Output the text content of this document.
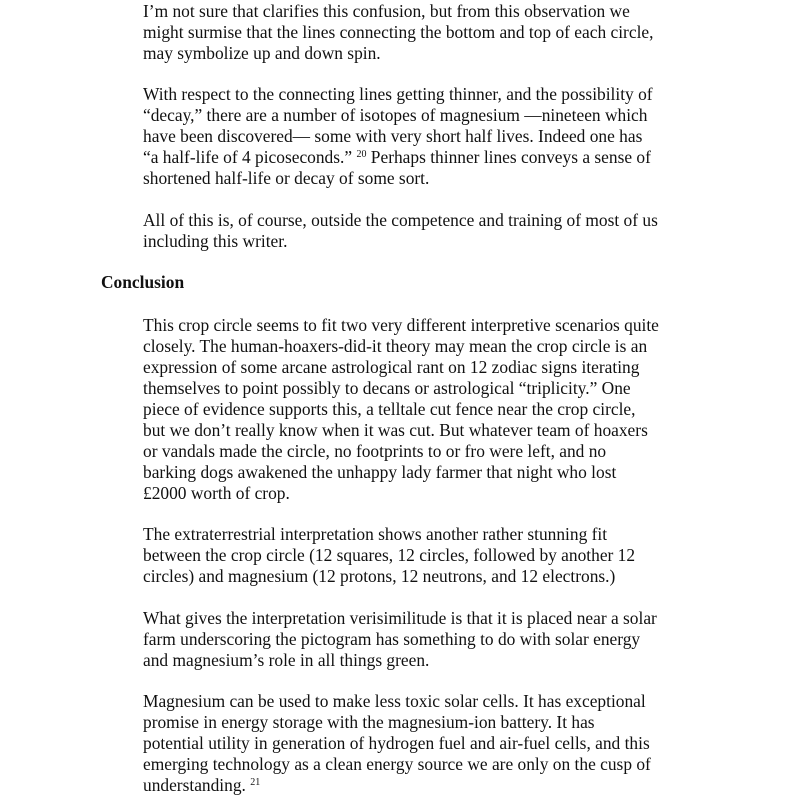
I’m not sure that clarifies this confusion, but from this observation we
might surmise that the lines connecting the bottom and top of each circle,
may symbolize up and down spin.

With respect to the connecting lines getting thinner, and the possibility of
“decay,” there are a number of isotopes of magnesium —nineteen which
have been discovered— some with very short half lives. Indeed one has
“a half-life of 4 picoseconds.” $^{20}$ Perhaps thinner lines conveys a sense of
shortened half-life or decay of some sort.

All of this is, of course, outside the competence and training of most of us
including this writer.

Conclusion

This crop circle seems to fit two very different interpretive scenarios quite
closely. The human-hoaxers-did-it theory may mean the crop circle is an
expression of some arcane astrological rant on 12 zodiac signs iterating
themselves to point possibly to decans or astrological “triplicity.” One
piece of evidence supports this, a telltale cut fence near the crop circle,
but we don’t really know when it was cut. But whatever team of hoaxers
or vandals made the circle, no footprints to or fro were left, and no
barking dogs awakened the unhappy lady farmer that night who lost
£2000 worth of crop.

The extraterrestrial interpretation shows another rather stunning fit
between the crop circle (12 squares, 12 circles, followed by another 12
circles) and magnesium (12 protons, 12 neutrons, and 12 electrons.)

What gives the interpretation verisimilitude is that it is placed near a solar
farm underscoring the pictogram has something to do with solar energy
and magnesium’s role in all things green.

Magnesium can be used to make less toxic solar cells. It has exceptional
promise in energy storage with the magnesium-ion battery. It has
potential utility in generation of hydrogen fuel and air-fuel cells, and this
emerging technology as a clean energy source we are only on the cusp of
understanding. $^{21}$
